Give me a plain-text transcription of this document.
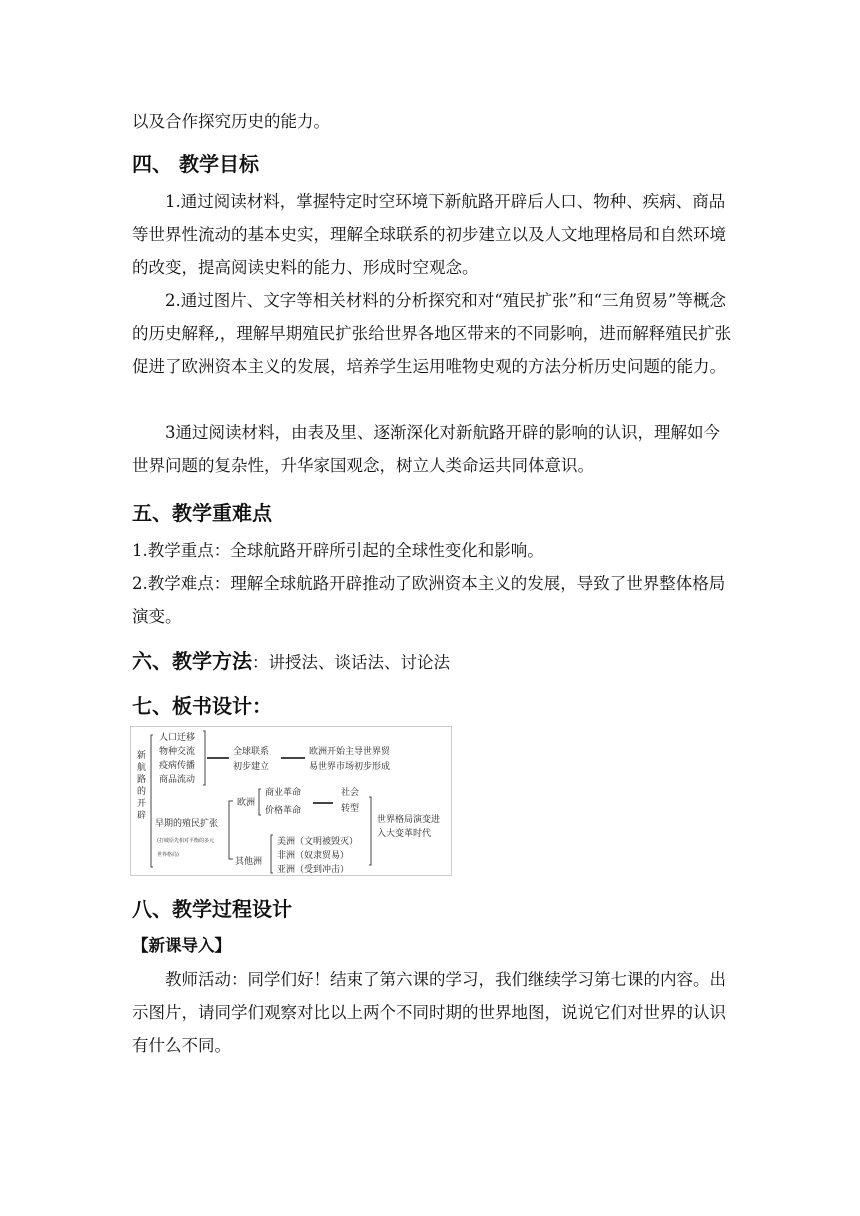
以及合作探究历史的能力。

四、 教学目标

1.通过阅读材料，掌握特定时空环境下新航路开辟后人口、物种、疾病、商品等世界性流动的基本史实，理解全球联系的初步建立以及人文地理格局和自然环境的改变，提高阅读史料的能力、形成时空观念。

2.通过图片、文字等相关材料的分析探究和对“殖民扩张”和“三角贸易”等概念的历史解释,，理解早期殖民扩张给世界各地区带来的不同影响，进而解释殖民扩张促进了欧洲资本主义的发展，培养学生运用唯物史观的方法分析历史问题的能力。

3通过阅读材料，由表及里、逐渐深化对新航路开辟的影响的认识，理解如今世界问题的复杂性，升华家国观念，树立人类命运共同体意识。

五、教学重难点

1.教学重点：全球航路开辟所引起的全球性变化和影响。

2.教学难点：理解全球航路开辟推动了欧洲资本主义的发展，导致了世界整体格局演变。

六、教学方法：讲授法、谈话法、讨论法
七、板书设计：
新
航
路
的
开
辟
人口迁移
物种交流
疫病传播
商品流动
全球联系
初步建立
欧洲开始主导世界贸
易世界市场初步形成
早期的殖民扩张
(打破原先相对平衡的多元
世界格局)
欧洲
商业革命
价格革命
社会
转型
世界格局演变进
入大变革时代
其他洲
美洲（文明被毁灭）
非洲（奴隶贸易）
亚洲（受到冲击）
八、教学过程设计
【新课导入】

教师活动：同学们好！结束了第六课的学习，我们继续学习第七课的内容。出示图片，请同学们观察对比以上两个不同时期的世界地图，说说它们对世界的认识有什么不同。
